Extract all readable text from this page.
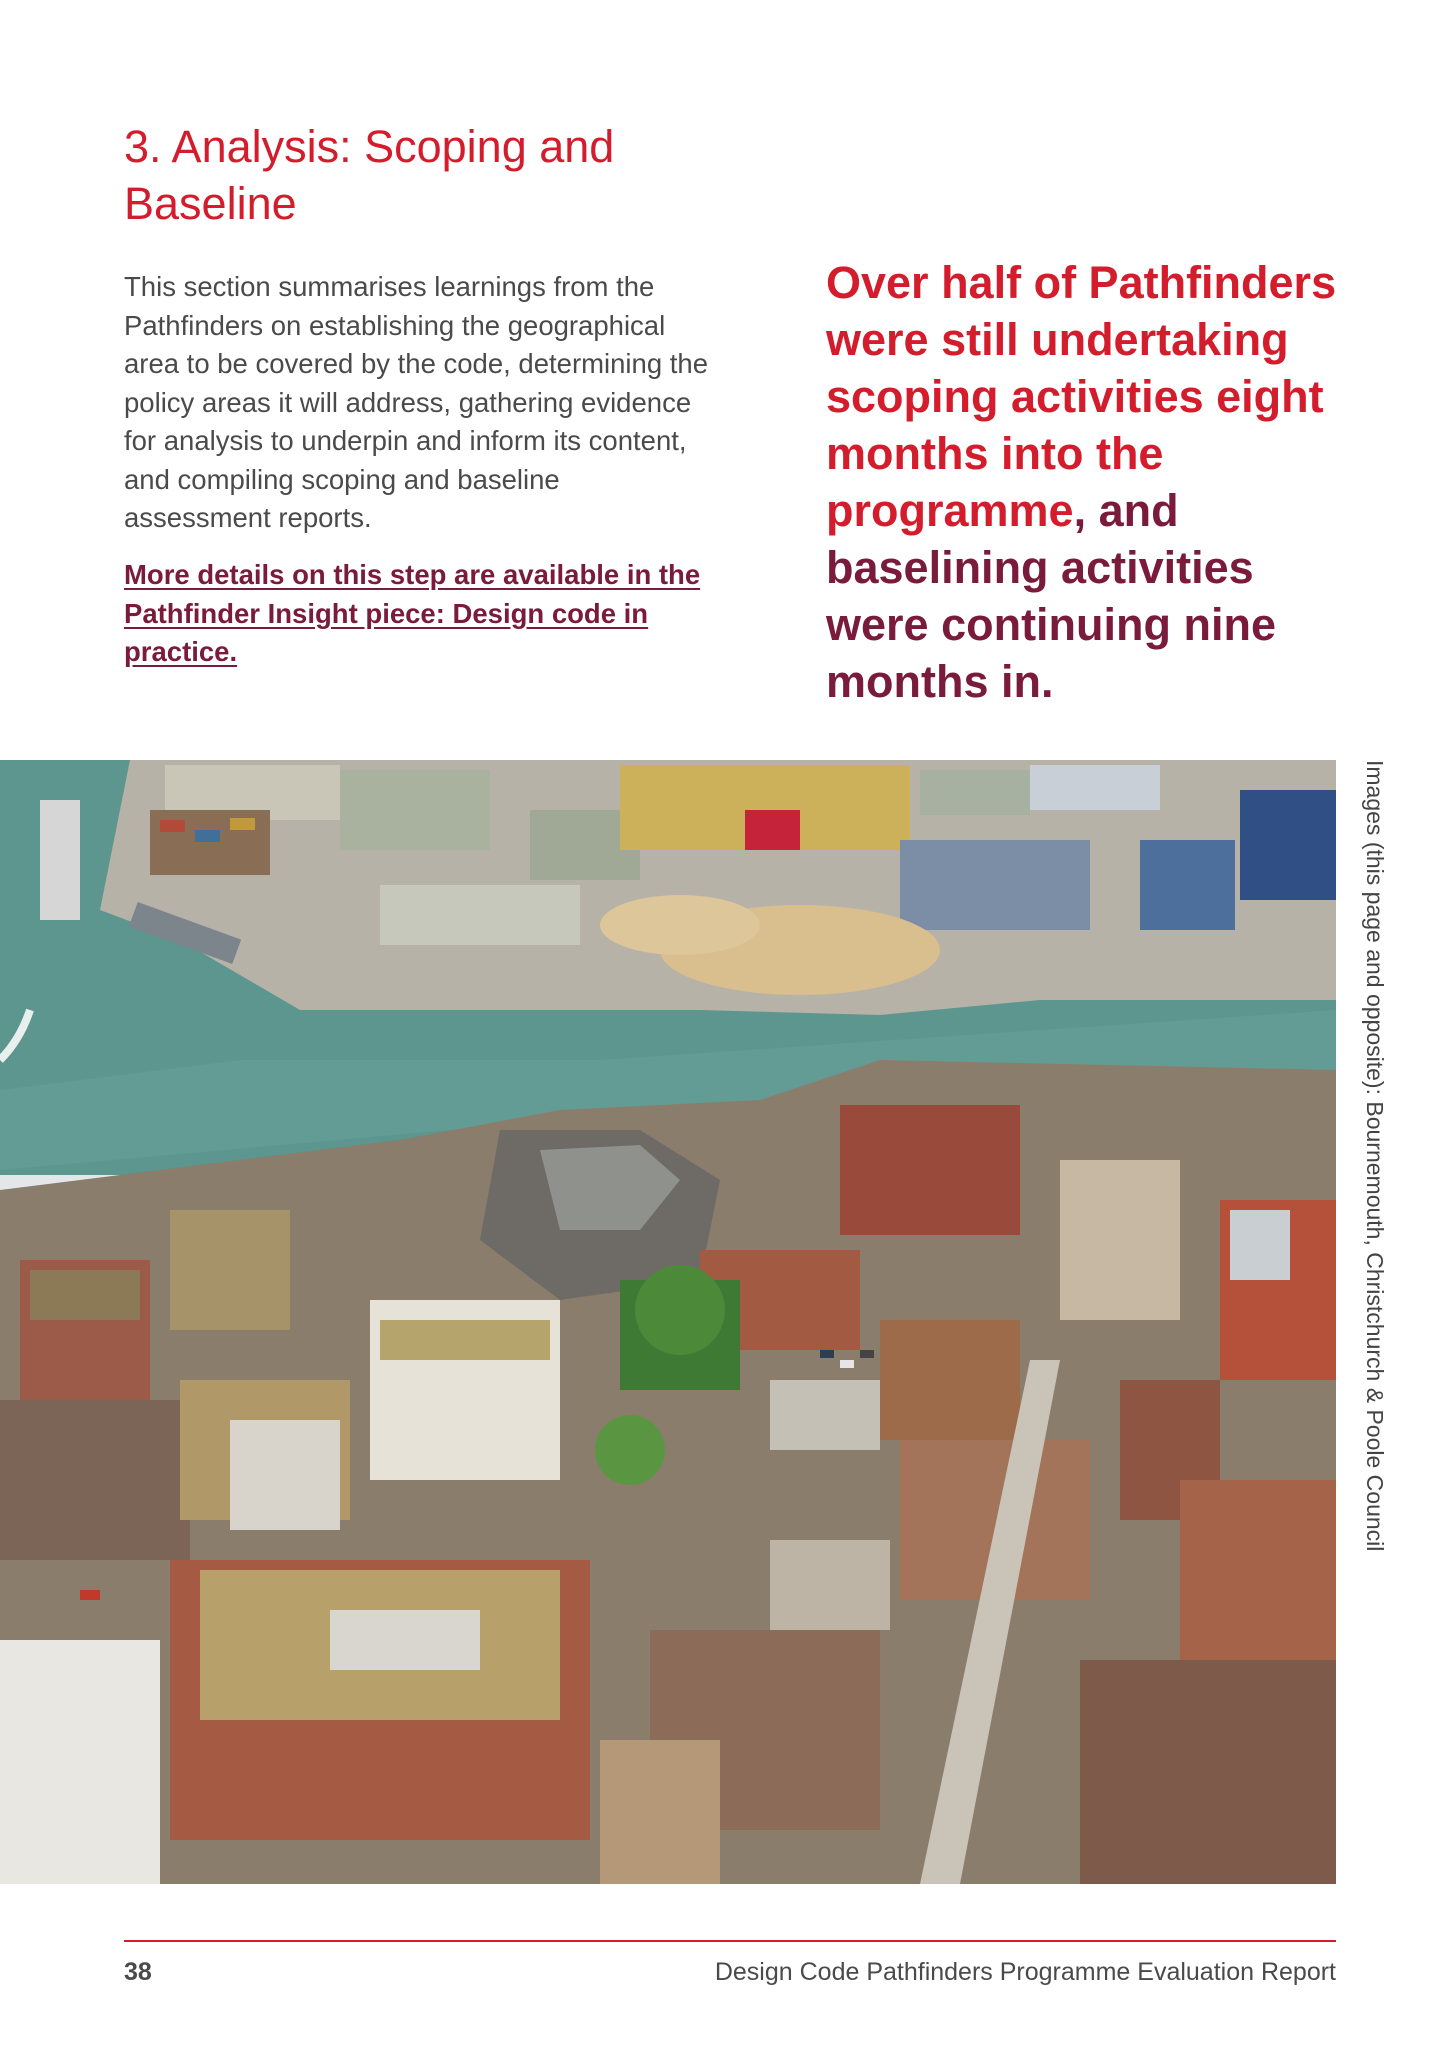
3. Analysis: Scoping and Baseline

This section summarises learnings from the Pathfinders on establishing the geographical area to be covered by the code, determining the policy areas it will address, gathering evidence for analysis to underpin and inform its content, and compiling scoping and baseline assessment reports.

More details on this step are available in the Pathfinder Insight piece: Design code in practice.
Over half of Pathfinders were still undertaking scoping activities eight months into the programme, and baselining activities were continuing nine months in.
Images (this page and opposite): Bournemouth, Christchurch & Poole Council
38	Design Code Pathfinders Programme Evaluation Report
